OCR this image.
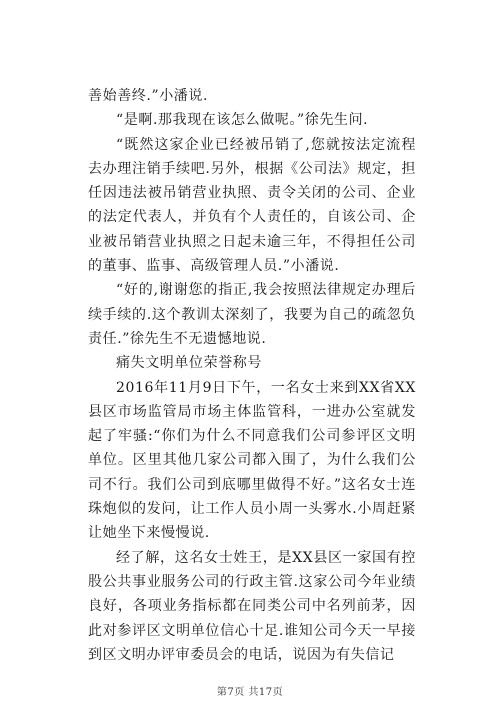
善始善终.”小潘说.

“是啊.那我现在该怎么做呢。”徐先生问.

“既然这家企业已经被吊销了,您就按法定流程去办理注销手续吧.另外，根据《公司法》规定，担任因违法被吊销营业执照、责令关闭的公司、企业的法定代表人，并负有个人责任的，自该公司、企业被吊销营业执照之日起未逾三年，不得担任公司的董事、监事、高级管理人员.”小潘说.

“好的,谢谢您的指正,我会按照法律规定办理后续手续的.这个教训太深刻了，我要为自己的疏忽负责任.”徐先生不无遗憾地说.

痛失文明单位荣誉称号

2016年11月9日下午，一名女士来到XX省XX县区市场监管局市场主体监管科，一进办公室就发起了牢骚:“你们为什么不同意我们公司参评区文明单位。区里其他几家公司都入围了，为什么我们公司不行。我们公司到底哪里做得不好。”这名女士连珠炮似的发问，让工作人员小周一头雾水.小周赶紧让她坐下来慢慢说.

经了解，这名女士姓王，是XX县区一家国有控股公共事业服务公司的行政主管.这家公司今年业绩良好，各项业务指标都在同类公司中名列前茅，因此对参评区文明单位信心十足.谁知公司今天一早接到区文明办评审委员会的电话，说因为有失信记

第7页 共17页
